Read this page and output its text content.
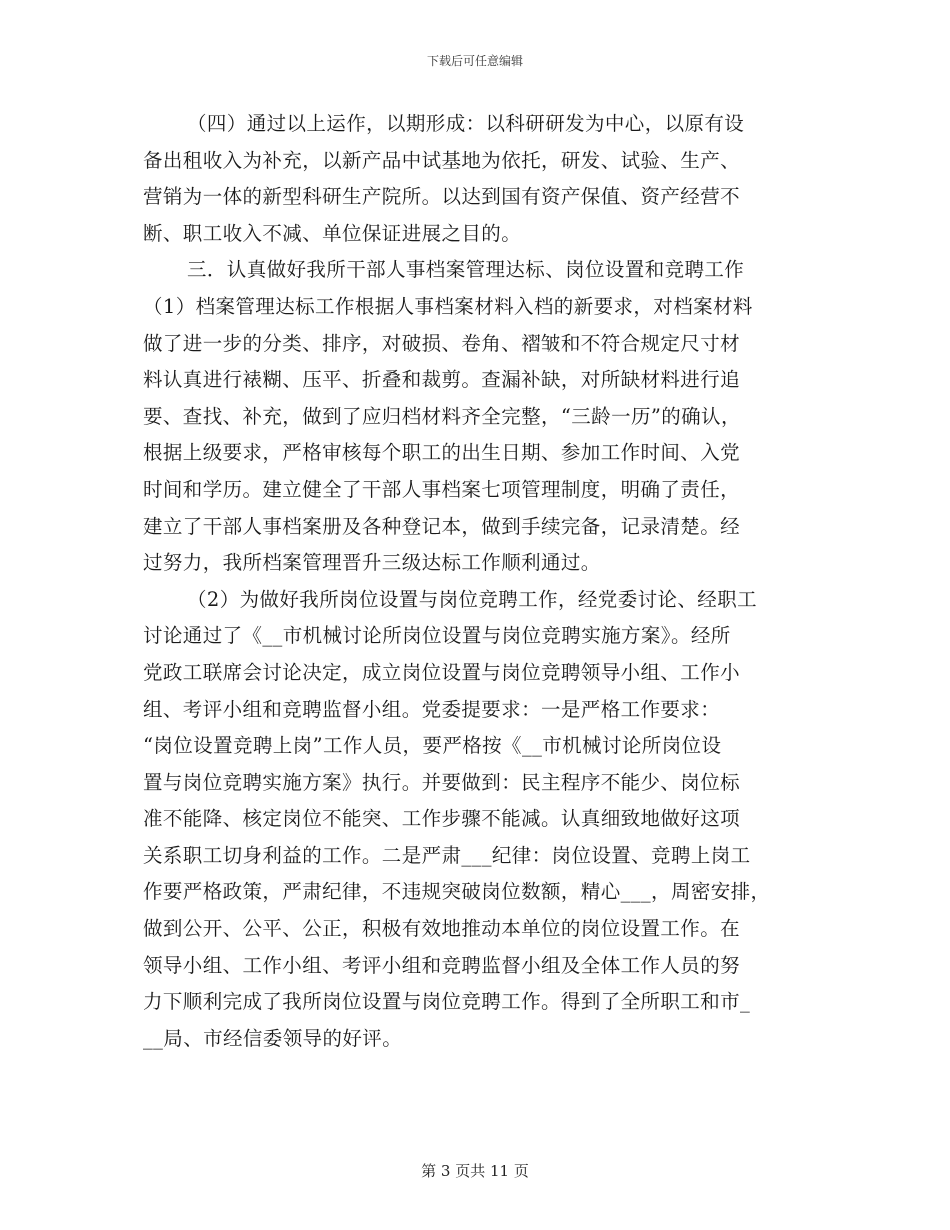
下载后可任意编辑
（四）通过以上运作，以期形成：以科研研发为中心，以原有设
备出租收入为补充，以新产品中试基地为依托，研发、试验、生产、
营销为一体的新型科研生产院所。以达到国有资产保值、资产经营不
断、职工收入不减、单位保证进展之目的。
三．认真做好我所干部人事档案管理达标、岗位设置和竞聘工作
（1）档案管理达标工作根据人事档案材料入档的新要求，对档案材料
做了进一步的分类、排序，对破损、卷角、褶皱和不符合规定尺寸材
料认真进行裱糊、压平、折叠和裁剪。查漏补缺，对所缺材料进行追
要、查找、补充，做到了应归档材料齐全完整，“三龄一历”的确认，
根据上级要求，严格审核每个职工的出生日期、参加工作时间、入党
时间和学历。建立健全了干部人事档案七项管理制度，明确了责任，
建立了干部人事档案册及各种登记本，做到手续完备，记录清楚。经
过努力，我所档案管理晋升三级达标工作顺利通过。
（2）为做好我所岗位设置与岗位竞聘工作，经党委讨论、经职工
讨论通过了《__市机械讨论所岗位设置与岗位竞聘实施方案》。经所
党政工联席会讨论决定，成立岗位设置与岗位竞聘领导小组、工作小
组、考评小组和竞聘监督小组。党委提要求：一是严格工作要求：
“岗位设置竞聘上岗”工作人员，要严格按《__市机械讨论所岗位设
置与岗位竞聘实施方案》执行。并要做到：民主程序不能少、岗位标
准不能降、核定岗位不能突、工作步骤不能减。认真细致地做好这项
关系职工切身利益的工作。二是严肃___纪律：岗位设置、竞聘上岗工
作要严格政策，严肃纪律，不违规突破岗位数额，精心___，周密安排，
做到公开、公平、公正，积极有效地推动本单位的岗位设置工作。在
领导小组、工作小组、考评小组和竞聘监督小组及全体工作人员的努
力下顺利完成了我所岗位设置与岗位竞聘工作。得到了全所职工和市_
__局、市经信委领导的好评。
第 3 页共 11 页
